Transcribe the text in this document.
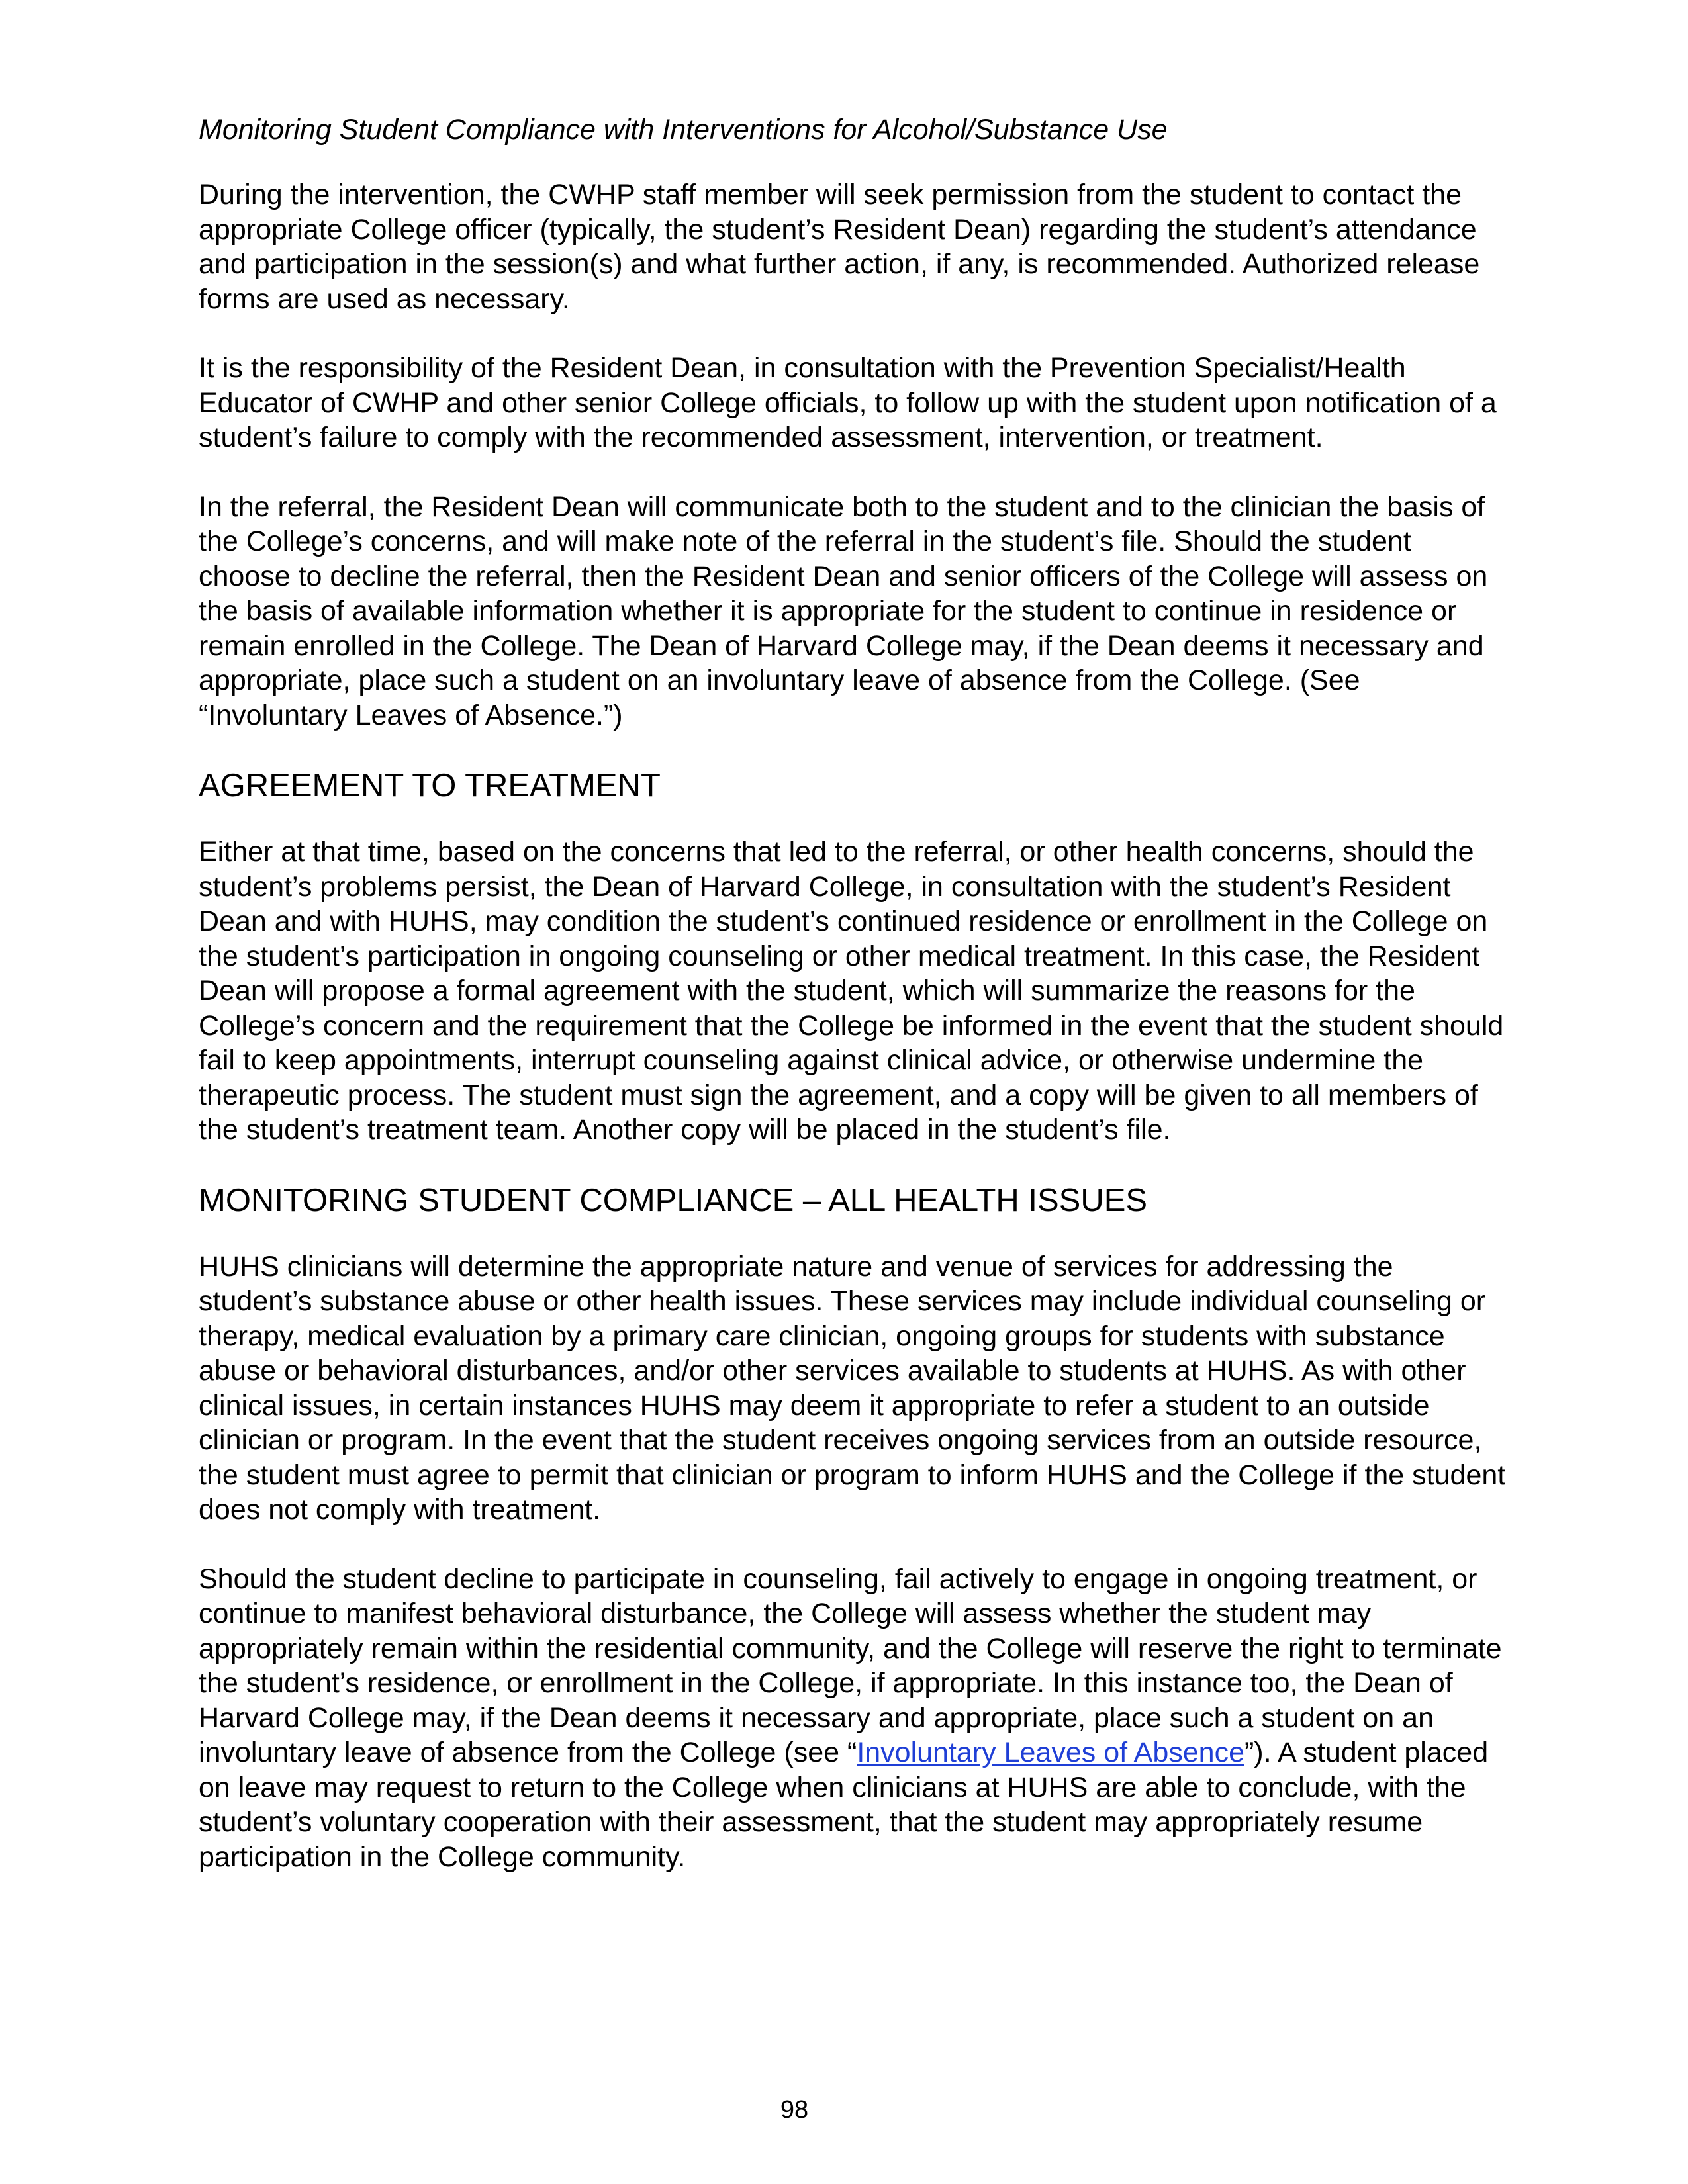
Monitoring Student Compliance with Interventions for Alcohol/Substance Use

During the intervention, the CWHP staff member will seek permission from the student to contact the appropriate College officer (typically, the student’s Resident Dean) regarding the student’s attendance and participation in the session(s) and what further action, if any, is recommended. Authorized release forms are used as necessary.

It is the responsibility of the Resident Dean, in consultation with the Prevention Specialist/Health Educator of CWHP and other senior College officials, to follow up with the student upon notification of a student’s failure to comply with the recommended assessment, intervention, or treatment.

In the referral, the Resident Dean will communicate both to the student and to the clinician the basis of the College’s concerns, and will make note of the referral in the student’s file. Should the student choose to decline the referral, then the Resident Dean and senior officers of the College will assess on the basis of available information whether it is appropriate for the student to continue in residence or remain enrolled in the College. The Dean of Harvard College may, if the Dean deems it necessary and appropriate, place such a student on an involuntary leave of absence from the College. (See “Involuntary Leaves of Absence.”)

AGREEMENT TO TREATMENT

Either at that time, based on the concerns that led to the referral, or other health concerns, should the student’s problems persist, the Dean of Harvard College, in consultation with the student’s Resident Dean and with HUHS, may condition the student’s continued residence or enrollment in the College on the student’s participation in ongoing counseling or other medical treatment. In this case, the Resident Dean will propose a formal agreement with the student, which will summarize the reasons for the College’s concern and the requirement that the College be informed in the event that the student should fail to keep appointments, interrupt counseling against clinical advice, or otherwise undermine the therapeutic process. The student must sign the agreement, and a copy will be given to all members of the student’s treatment team. Another copy will be placed in the student’s file.

MONITORING STUDENT COMPLIANCE – ALL HEALTH ISSUES

HUHS clinicians will determine the appropriate nature and venue of services for addressing the student’s substance abuse or other health issues. These services may include individual counseling or therapy, medical evaluation by a primary care clinician, ongoing groups for students with substance abuse or behavioral disturbances, and/or other services available to students at HUHS. As with other clinical issues, in certain instances HUHS may deem it appropriate to refer a student to an outside clinician or program. In the event that the student receives ongoing services from an outside resource, the student must agree to permit that clinician or program to inform HUHS and the College if the student does not comply with treatment.

Should the student decline to participate in counseling, fail actively to engage in ongoing treatment, or continue to manifest behavioral disturbance, the College will assess whether the student may appropriately remain within the residential community, and the College will reserve the right to terminate the student’s residence, or enrollment in the College, if appropriate. In this instance too, the Dean of Harvard College may, if the Dean deems it necessary and appropriate, place such a student on an involuntary leave of absence from the College (see “Involuntary Leaves of Absence”). A student placed on leave may request to return to the College when clinicians at HUHS are able to conclude, with the student’s voluntary cooperation with their assessment, that the student may appropriately resume participation in the College community.

98
